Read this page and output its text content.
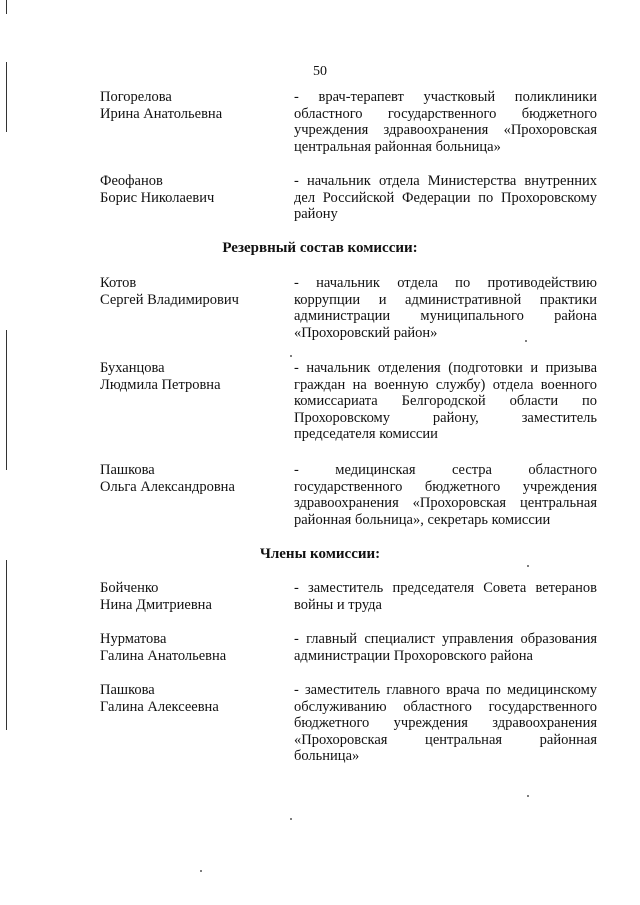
50
Погорелова
Ирина Анатольевна
- врач-терапевт участковый поликлиники областного государственного бюджетного учреждения здравоохранения «Прохоровская центральная районная больница»
Феофанов
Борис Николаевич
- начальник отдела Министерства внутренних дел Российской Федерации по Прохоровскому району
Резервный состав комиссии:
Котов
Сергей Владимирович
- начальник отдела по противодействию коррупции и административной практики администрации муниципального района «Прохоровский район»
Буханцова
Людмила Петровна
- начальник отделения (подготовки и призыва граждан на военную службу) отдела военного комиссариата Белгородской области по Прохоровскому району, заместитель председателя комиссии
Пашкова
Ольга Александровна
- медицинская сестра областного государственного бюджетного учреждения здравоохранения «Прохоровская центральная районная больница», секретарь комиссии
Члены комиссии:
Бойченко
Нина Дмитриевна
- заместитель председателя Совета ветеранов войны и труда
Нурматова
Галина Анатольевна
- главный специалист управления образования администрации Прохоровского района
Пашкова
Галина Алексеевна
- заместитель главного врача по медицинскому обслуживанию областного государственного бюджетного учреждения здравоохранения «Прохоровская центральная районная больница»
